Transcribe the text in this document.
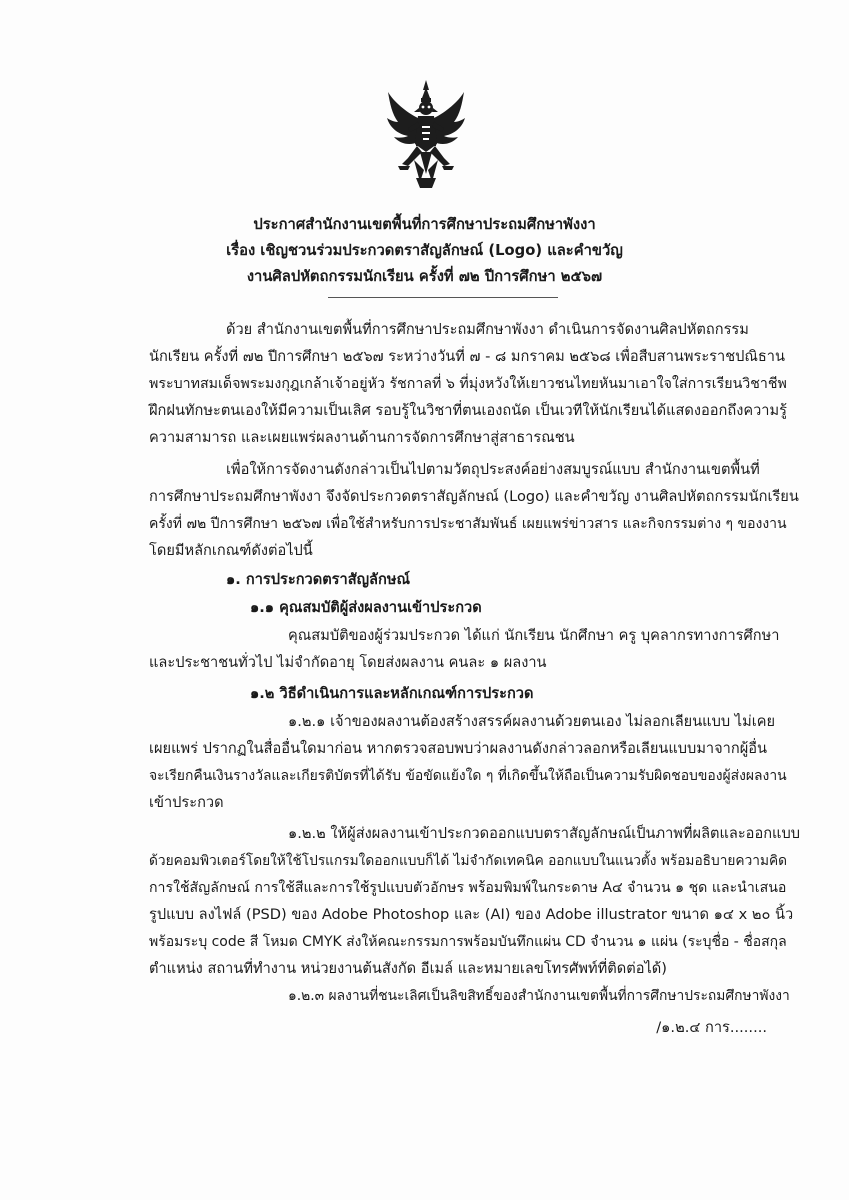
ประกาศสำนักงานเขตพื้นที่การศึกษาประถมศึกษาพังงา
เรื่อง เชิญชวนร่วมประกวดตราสัญลักษณ์ (Logo) และคำขวัญ
งานศิลปหัตถกรรมนักเรียน ครั้งที่ ๗๒ ปีการศึกษา ๒๕๖๗
ด้วย สำนักงานเขตพื้นที่การศึกษาประถมศึกษาพังงา ดำเนินการจัดงานศิลปหัตถกรรม
นักเรียน ครั้งที่ ๗๒ ปีการศึกษา ๒๕๖๗ ระหว่างวันที่ ๗ - ๘ มกราคม ๒๕๖๘ เพื่อสืบสานพระราชปณิธาน
พระบาทสมเด็จพระมงกุฎเกล้าเจ้าอยู่หัว รัชกาลที่ ๖ ที่มุ่งหวังให้เยาวชนไทยหันมาเอาใจใส่การเรียนวิชาชีพ
ฝึกฝนทักษะตนเองให้มีความเป็นเลิศ รอบรู้ในวิชาที่ตนเองถนัด เป็นเวทีให้นักเรียนได้แสดงออกถึงความรู้
ความสามารถ และเผยแพร่ผลงานด้านการจัดการศึกษาสู่สาธารณชน
เพื่อให้การจัดงานดังกล่าวเป็นไปตามวัตถุประสงค์อย่างสมบูรณ์แบบ สำนักงานเขตพื้นที่
การศึกษาประถมศึกษาพังงา จึงจัดประกวดตราสัญลักษณ์ (Logo) และคำขวัญ งานศิลปหัตถกรรมนักเรียน
ครั้งที่ ๗๒ ปีการศึกษา ๒๕๖๗ เพื่อใช้สำหรับการประชาสัมพันธ์ เผยแพร่ข่าวสาร และกิจกรรมต่าง ๆ ของงาน
โดยมีหลักเกณฑ์ดังต่อไปนี้
๑. การประกวดตราสัญลักษณ์
๑.๑ คุณสมบัติผู้ส่งผลงานเข้าประกวด
คุณสมบัติของผู้ร่วมประกวด ได้แก่ นักเรียน นักศึกษา ครู บุคลากรทางการศึกษา
และประชาชนทั่วไป ไม่จำกัดอายุ โดยส่งผลงาน คนละ ๑ ผลงาน
๑.๒ วิธีดำเนินการและหลักเกณฑ์การประกวด
๑.๒.๑ เจ้าของผลงานต้องสร้างสรรค์ผลงานด้วยตนเอง ไม่ลอกเลียนแบบ ไม่เคย
เผยแพร่ ปรากฏในสื่ออื่นใดมาก่อน หากตรวจสอบพบว่าผลงานดังกล่าวลอกหรือเลียนแบบมาจากผู้อื่น
จะเรียกคืนเงินรางวัลและเกียรติบัตรที่ได้รับ ข้อขัดแย้งใด ๆ ที่เกิดขึ้นให้ถือเป็นความรับผิดชอบของผู้ส่งผลงาน
เข้าประกวด
๑.๒.๒ ให้ผู้ส่งผลงานเข้าประกวดออกแบบตราสัญลักษณ์เป็นภาพที่ผลิตและออกแบบ
ด้วยคอมพิวเตอร์โดยให้ใช้โปรแกรมใดออกแบบก็ได้ ไม่จำกัดเทคนิค ออกแบบในแนวตั้ง พร้อมอธิบายความคิด
การใช้สัญลักษณ์ การใช้สีและการใช้รูปแบบตัวอักษร พร้อมพิมพ์ในกระดาษ A๔ จำนวน ๑ ชุด และนำเสนอ
รูปแบบ ลงไฟล์ (PSD) ของ Adobe Photoshop และ (AI) ของ Adobe illustrator ขนาด ๑๔ x ๒๐ นิ้ว
พร้อมระบุ code สี โหมด CMYK ส่งให้คณะกรรมการพร้อมบันทึกแผ่น CD จำนวน ๑ แผ่น (ระบุชื่อ - ชื่อสกุล
ตำแหน่ง สถานที่ทำงาน หน่วยงานต้นสังกัด อีเมล์ และหมายเลขโทรศัพท์ที่ติดต่อได้)
๑.๒.๓ ผลงานที่ชนะเลิศเป็นลิขสิทธิ์ของสำนักงานเขตพื้นที่การศึกษาประถมศึกษาพังงา
/๑.๒.๔ การ........
